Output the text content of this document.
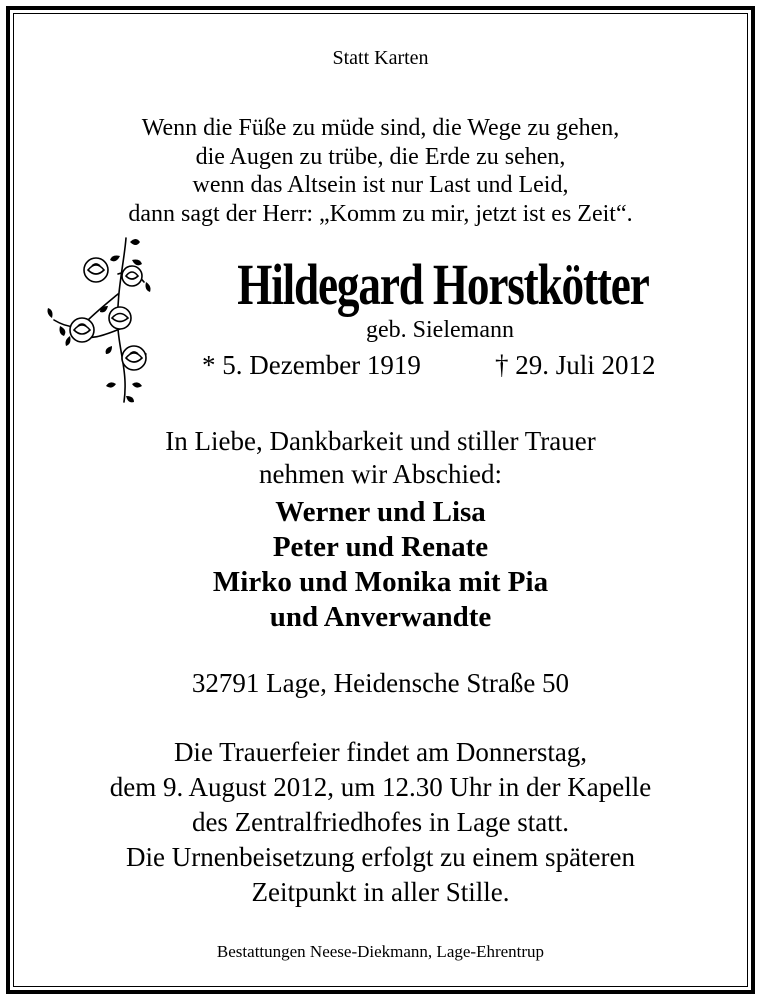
Statt Karten
Wenn die Füße zu müde sind, die Wege zu gehen,
die Augen zu trübe, die Erde zu sehen,
wenn das Altsein ist nur Last und Leid,
dann sagt der Herr: „Komm zu mir, jetzt ist es Zeit“.
Hildegard Horstkötter
geb. Sielemann
* 5. Dezember 1919	† 29. Juli 2012
In Liebe, Dankbarkeit und stiller Trauer
nehmen wir Abschied:
Werner und Lisa
Peter und Renate
Mirko und Monika mit Pia
und Anverwandte
32791 Lage, Heidensche Straße 50
Die Trauerfeier findet am Donnerstag,
dem 9. August 2012, um 12.30 Uhr in der Kapelle
des Zentralfriedhofes in Lage statt.
Die Urnenbeisetzung erfolgt zu einem späteren
Zeitpunkt in aller Stille.
Bestattungen Neese-Diekmann, Lage-Ehrentrup
